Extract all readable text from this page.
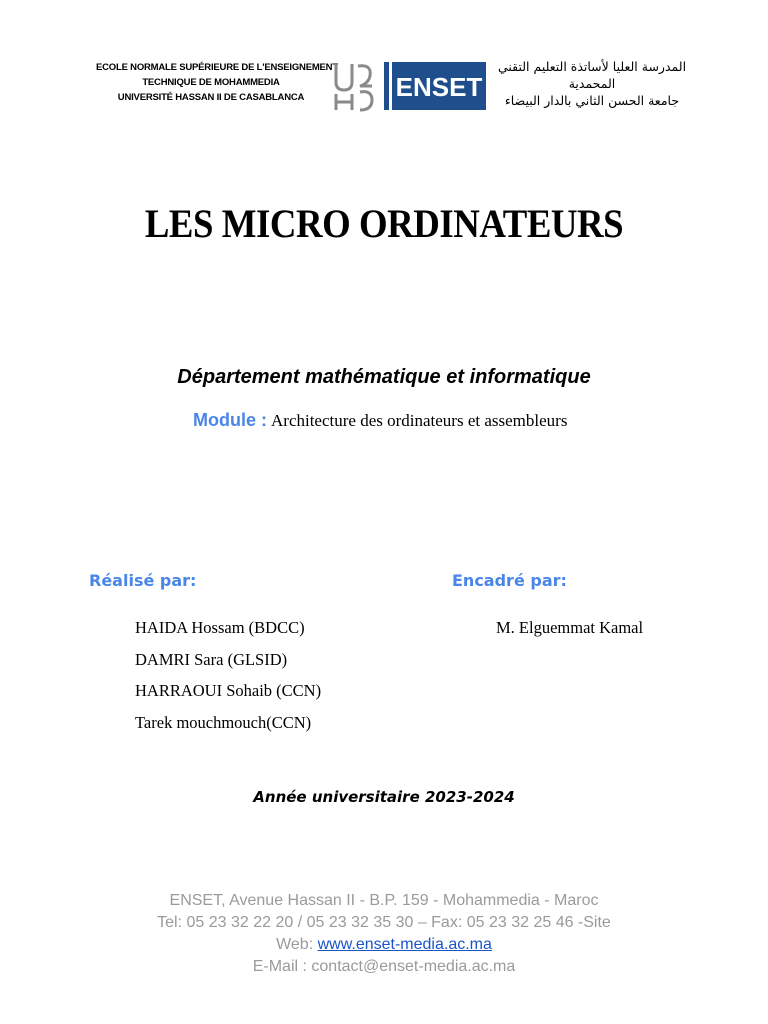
ECOLE NORMALE SUPÉRIEURE DE L'ENSEIGNEMENT
TECHNIQUE DE MOHAMMEDIA
UNIVERSITÉ HASSAN II DE CASABLANCA	ENSET
المدرسة العليا لأساتذة التعليم التقني
المحمدية
جامعة الحسن الثاني بالدار البيضاء
LES MICRO ORDINATEURS
Département mathématique et informatique
Module : Architecture des ordinateurs et assembleurs
Réalisé par:	Encadré par:
HAIDA Hossam (BDCC)
DAMRI Sara (GLSID)
HARRAOUI Sohaib (CCN)
Tarek mouchmouch(CCN)
M. Elguemmat Kamal
Année universitaire 2023-2024
ENSET, Avenue Hassan II - B.P. 159 - Mohammedia - Maroc
Tel: 05 23 32 22 20 / 05 23 32 35 30 – Fax: 05 23 32 25 46 -Site
Web: www.enset-media.ac.ma
E-Mail : contact@enset-media.ac.ma
